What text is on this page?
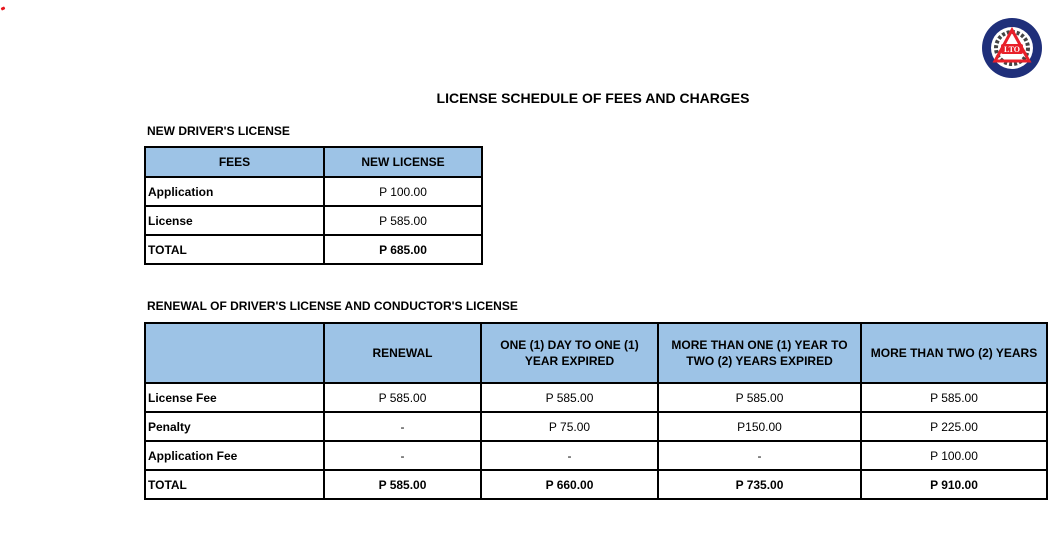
LTO
LICENSE SCHEDULE OF FEES AND CHARGES
NEW DRIVER'S LICENSE
FEES	NEW LICENSE
Application	P 100.00
License	P 585.00
TOTAL	P 685.00
RENEWAL OF DRIVER'S LICENSE AND CONDUCTOR'S LICENSE
	RENEWAL	ONE (1) DAY TO ONE (1) YEAR EXPIRED	MORE THAN ONE (1) YEAR TO TWO (2) YEARS EXPIRED	MORE THAN TWO (2) YEARS
License Fee	P 585.00	P 585.00	P 585.00	P 585.00
Penalty	-	P 75.00	P150.00	P 225.00
Application Fee	-	-	-	P 100.00
TOTAL	P 585.00	P 660.00	P 735.00	P 910.00
